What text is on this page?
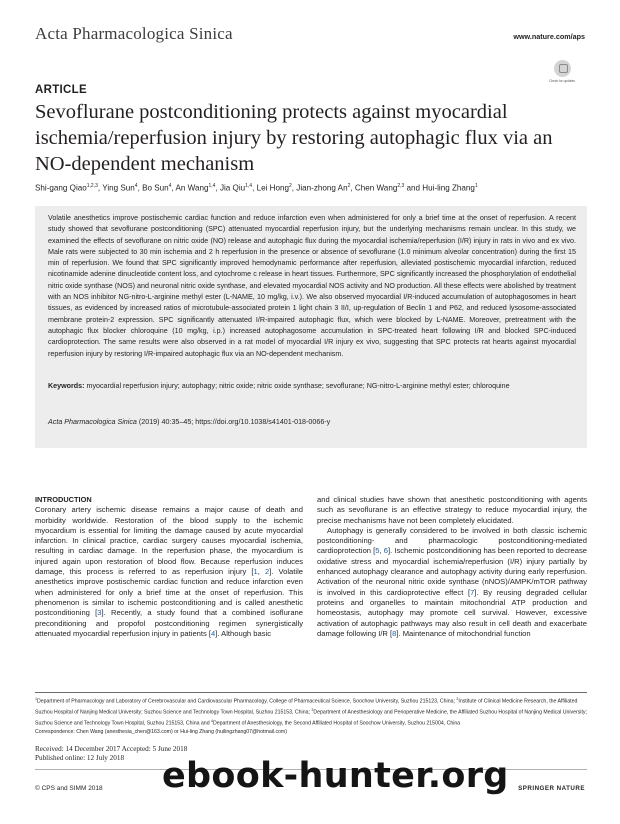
Acta Pharmacologica Sinica	www.nature.com/aps
Check for updates
ARTICLE
Sevoflurane postconditioning protects against myocardial ischemia/reperfusion injury by restoring autophagic flux via an NO-dependent mechanism
Shi-gang Qiao$^{1,2,3}$, Ying Sun$^4$, Bo Sun$^4$, An Wang$^{1,4}$, Jia Qiu$^{1,4}$, Lei Hong$^2$, Jian-zhong An$^2$, Chen Wang$^{2,3}$ and Hui-ling Zhang$^1$
Volatile anesthetics improve postischemic cardiac function and reduce infarction even when administered for only a brief time at the onset of reperfusion. A recent study showed that sevoflurane postconditioning (SPC) attenuated myocardial reperfusion injury, but the underlying mechanisms remain unclear. In this study, we examined the effects of sevoflurane on nitric oxide (NO) release and autophagic flux during the myocardial ischemia/reperfusion (I/R) injury in rats in vivo and ex vivo. Male rats were subjected to 30 min ischemia and 2 h reperfusion in the presence or absence of sevoflurane (1.0 minimum alveolar concentration) during the first 15 min of reperfusion. We found that SPC significantly improved hemodynamic performance after reperfusion, alleviated postischemic myocardial infarction, reduced nicotinamide adenine dinucleotide content loss, and cytochrome c release in heart tissues. Furthermore, SPC significantly increased the phosphorylation of endothelial nitric oxide synthase (NOS) and neuronal nitric oxide synthase, and elevated myocardial NOS activity and NO production. All these effects were abolished by treatment with an NOS inhibitor NG-nitro-L-arginine methyl ester (L-NAME, 10 mg/kg, i.v.). We also observed myocardial I/R-induced accumulation of autophagosomes in heart tissues, as evidenced by increased ratios of microtubule-associated protein 1 light chain 3 II/I, up-regulation of Beclin 1 and P62, and reduced lysosome-associated membrane protein-2 expression. SPC significantly attenuated I/R-impaired autophagic flux, which were blocked by L-NAME. Moreover, pretreatment with the autophagic flux blocker chloroquine (10 mg/kg, i.p.) increased autophagosome accumulation in SPC-treated heart following I/R and blocked SPC-induced cardioprotection. The same results were also observed in a rat model of myocardial I/R injury ex vivo, suggesting that SPC protects rat hearts against myocardial reperfusion injury by restoring I/R-impaired autophagic flux via an NO-dependent mechanism.
Keywords: myocardial reperfusion injury; autophagy; nitric oxide; nitric oxide synthase; sevoflurane; NG-nitro-L-arginine methyl ester; chloroquine
Acta Pharmacologica Sinica (2019) 40:35–45; https://doi.org/10.1038/s41401-018-0066-y
INTRODUCTION
Coronary artery ischemic disease remains a major cause of death and morbidity worldwide. Restoration of the blood supply to the ischemic myocardium is essential for limiting the damage caused by acute myocardial infarction. In clinical practice, cardiac surgery causes myocardial ischemia, resulting in cardiac damage. In the reperfusion phase, the myocardium is injured again upon restoration of blood flow. Because reperfusion induces damage, this process is referred to as reperfusion injury [1, 2]. Volatile anesthetics improve postischemic cardiac function and reduce infarction even when administered for only a brief time at the onset of reperfusion. This phenomenon is similar to ischemic postconditioning and is called anesthetic postconditioning [3]. Recently, a study found that a combined isoflurane preconditioning and propofol postconditioning regimen synergistically attenuated myocardial reperfusion injury in patients [4]. Although basic
and clinical studies have shown that anesthetic postconditioning with agents such as sevoflurane is an effective strategy to reduce myocardial injury, the precise mechanisms have not been completely elucidated.
Autophagy is generally considered to be involved in both classic ischemic postconditioning- and pharmacologic postconditioning-mediated cardioprotection [5, 6]. Ischemic postconditioning has been reported to decrease oxidative stress and myocardial ischemia/reperfusion (I/R) injury partially by enhanced autophagy clearance and autophagy activity during early reperfusion. Activation of the neuronal nitric oxide synthase (nNOS)/AMPK/mTOR pathway is involved in this cardioprotective effect [7]. By reusing degraded cellular proteins and organelles to maintain mitochondrial ATP production and homeostasis, autophagy may promote cell survival. However, excessive activation of autophagic pathways may also result in cell death and exacerbate damage following I/R [8]. Maintenance of mitochondrial function
$^1$Department of Pharmacology and Laboratory of Cerebrovascular and Cardiovascular Pharmacology, College of Pharmaceutical Science, Soochow University, Suzhou 215123, China; $^2$Institute of Clinical Medicine Research, the Affiliated Suzhou Hospital of Nanjing Medical University; Suzhou Science and Technology Town Hospital, Suzhou 215153, China; $^3$Department of Anesthesiology and Perioperative Medicine, the Affiliated Suzhou Hospital of Nanjing Medical University; Suzhou Science and Technology Town Hospital, Suzhou 215153, China and $^4$Department of Anesthesiology, the Second Affiliated Hospital of Soochow University, Suzhou 215004, China
Correspondence: Chen Wang (anesthesia_chen@163.com) or Hui-ling Zhang (huilingzhang07@hotmail.com)
Received: 14 December 2017 Accepted: 5 June 2018
Published online: 12 July 2018
© CPS and SIMM 2018	SPRINGER NATURE
ebook-hunter.org
